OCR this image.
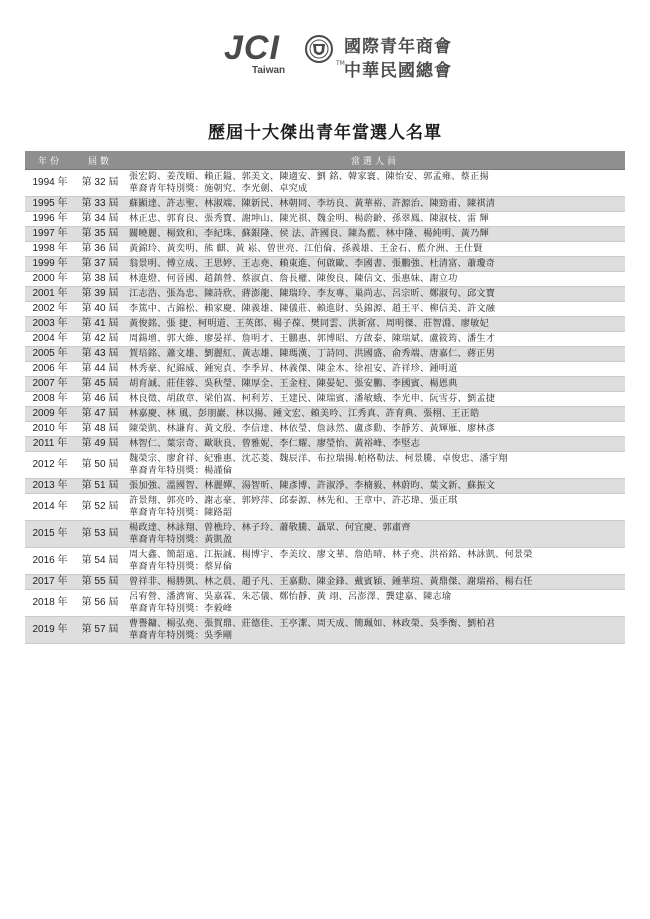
JCI
Taiwan
TM
國際青年商會
中華民國總會
歷屆十大傑出青年當選人名單
年份	屆數	當選人員
1994 年	第 32 屆	張宏鈞、姜茂順、賴正鎰、郭美文、陳適安、劉 銘、韓家寰、陳怡安、郭孟雍、蔡正揚
華裔青年特別獎：施朝究、李光劍、卓究成

1995 年	第 33 屆	蘇顯達、許志聖、林淑端、陳新民、林朝同、李坊良、黃華裕、許源治、陳勁甫、陳祺清
1996 年	第 34 屆	林正忠、郭育良、張秀寶、謝坤山、陳光祺、魏金明、楊蔚齡、孫翠鳳、陳淑枝、雷 輝
1997 年	第 35 屆	關曉麗、楊致和、李紀珠、蘇銀隆、侯 法、許國良、陳為藍、林中隆、楊純明、黃乃輝
1998 年	第 36 屆	黃錦玲、黃奕明、熊 麒、黃 崧、曾世亮、江伯倫、孫義雄、王金石、藍介洲、王仕賢
1999 年	第 37 屆	翁景明、傅立成、王思婷、王志堯、賴東進、何啟歐、李國書、張鵬強、杜清富、蕭瓊奇
2000 年	第 38 屆	林進燈、何晉國、趙鎮營、蔡淑貞、詹長權、陳俊良、陳信文、張惠妹、謝立功
2001 年	第 39 屆	江志浩、張為忠、陳詩欣、蔣澎龍、陳瑞玲、李友專、巢尚志、呂宗昕、鄭淑句、邱文寶
2002 年	第 40 屆	李篤中、古錦松、賴家慶、陳義雄、陳儀莊、賴進財、吳錦源、趙王平、柳信美、許文融
2003 年	第 41 屆	黃俊銘、張 捷、柯明道、王英郎、楊子葆、樊同雲、洪新富、周明傑、莊智淵、廖敏妃
2004 年	第 42 屆	周鍚增、郭大維、廖晏祥、詹明才、王鵬惠、郭博昭、方啟泰、陳瑞斌、盧筱筠、潘生才
2005 年	第 43 屆	賀培銘、蕭文雄、劉麗紅、黃志雄、陳瑪漢、丁詩同、洪國盛、俞秀端、唐嘉仁、蔣正男
2006 年	第 44 屆	林秀豪、紀錦威、鍾宛貞、李季昇、林義傑、陳金木、徐祖安、許祥珍、鍾明道
2007 年	第 45 屆	胡育誠、莊佳蓉、吳秋瑩、陳厚全、王金柱、陳晏妃、張安鵬、李國賓、楊恩典
2008 年	第 46 屆	林良徵、胡啟章、梁伯嵩、柯利芳、王建民、陳瑞賓、潘敏蛾、李光申、阮雪芬、劉孟捷
2009 年	第 47 屆	林嘉慶、林 風、彭朋巖、林以揚、鍾文宏、賴美吟、江秀真、許育典、張栩、王正皓
2010 年	第 48 屆	陳榮凱、林謙育、黃文殷、李信達、林依瑩、詹詠然、盧彥勳、李靜芳、黃輝雁、廖林彥
2011 年	第 49 屆	林智仁、葉宗奇、歐耿良、曾雅妮、李仁耀、廖瑩怡、黃裕峰、李堅志
2012 年	第 50 屆	魏榮宗、廖倉祥、紀雅惠、沈芯菱、魏辰洋、布拉瑞揚.帕格勒法、柯景騰、卓俊忠、潘宇翔
華裔青年特別獎：楊謹倫

2013 年	第 51 屆	張加強、溫國智、林麗嬋、湯智昕、陳彥博、許淑淨、李楠毅、林蔚昀、葉文新、蘇振文
2014 年	第 52 屆	許景翔、郭亮吟、謝志豪、郭婷萍、邱泰源、林先和、王章中、許芯瑋、張正琪
華裔青年特別獎：陳路韶

2015 年	第 53 屆	楊政達、林詠翔、曾樵玲、林子玲、蕭敬騰、聶眾、何宜慶、郭肅齊
華裔青年特別獎：黃凱盈

2016 年	第 54 屆	周大鑫、簡韶遠、江振誠、楊博宇、李美玟、廖文華、詹皓晴、林子堯、洪裕銘、林詠凱、何景榮
華裔青年特別獎：蔡昇倫

2017 年	第 55 屆	曾祥非、楊勝凱、林之晨、趙子凡、王嘉勳、陳金鋒、戴賓穎、鍾華瑄、黃鼎傑、謝瑞裕、楊右任
2018 年	第 56 屆	呂宥營、潘濟甯、吳嘉霖、朱芯儀、鄭怡靜、黃 翊、呂澎澤、龔建嘉、陳志瑜
華裔青年特別獎：李毅峰

2019 年	第 57 屆	曹譽鏞、楊弘堯、張賀鼎、莊德佳、王亭潔、周天成、簡珮如、林政榮、吳季衡、劉柏君
華裔青年特別獎：吳季剛
